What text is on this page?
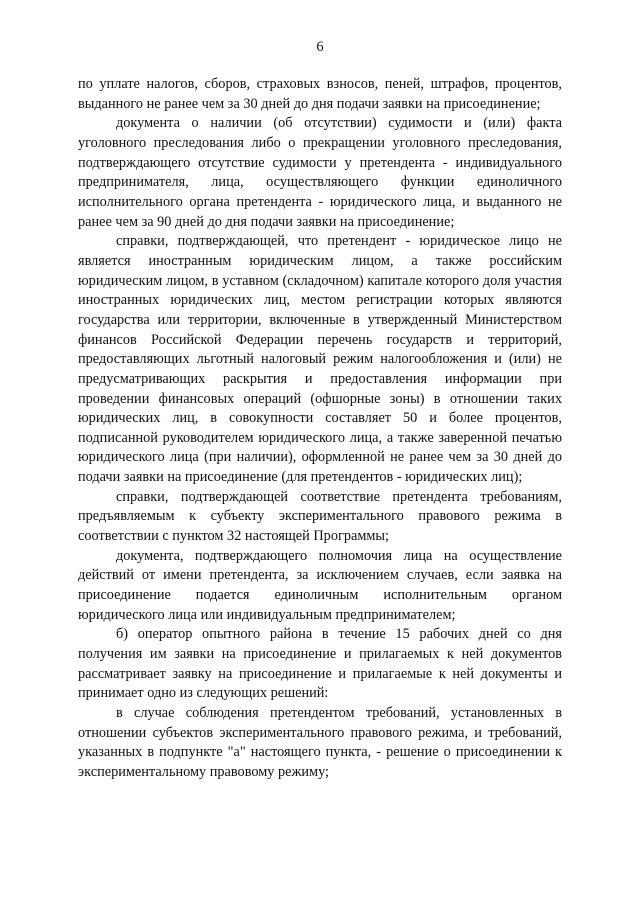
6

по уплате налогов, сборов, страховых взносов, пеней, штрафов, процентов, выданного не ранее чем за 30 дней до дня подачи заявки на присоединение;

документа о наличии (об отсутствии) судимости и (или) факта уголовного преследования либо о прекращении уголовного преследования, подтверждающего отсутствие судимости у претендента - индивидуального предпринимателя, лица, осуществляющего функции единоличного исполнительного органа претендента - юридического лица, и выданного не ранее чем за 90 дней до дня подачи заявки на присоединение;

справки, подтверждающей, что претендент - юридическое лицо не является иностранным юридическим лицом, а также российским юридическим лицом, в уставном (складочном) капитале которого доля участия иностранных юридических лиц, местом регистрации которых являются государства или территории, включенные в утвержденный Министерством финансов Российской Федерации перечень государств и территорий, предоставляющих льготный налоговый режим налогообложения и (или) не предусматривающих раскрытия и предоставления информации при проведении финансовых операций (офшорные зоны) в отношении таких юридических лиц, в совокупности составляет 50 и более процентов, подписанной руководителем юридического лица, а также заверенной печатью юридического лица (при наличии), оформленной не ранее чем за 30 дней до подачи заявки на присоединение (для претендентов - юридических лиц);

справки, подтверждающей соответствие претендента требованиям, предъявляемым к субъекту экспериментального правового режима в соответствии с пунктом 32 настоящей Программы;

документа, подтверждающего полномочия лица на осуществление действий от имени претендента, за исключением случаев, если заявка на присоединение подается единоличным исполнительным органом юридического лица или индивидуальным предпринимателем;

б) оператор опытного района в течение 15 рабочих дней со дня получения им заявки на присоединение и прилагаемых к ней документов рассматривает заявку на присоединение и прилагаемые к ней документы и принимает одно из следующих решений:

в случае соблюдения претендентом требований, установленных в отношении субъектов экспериментального правового режима, и требований, указанных в подпункте "а" настоящего пункта, - решение о присоединении к экспериментальному правовому режиму;
